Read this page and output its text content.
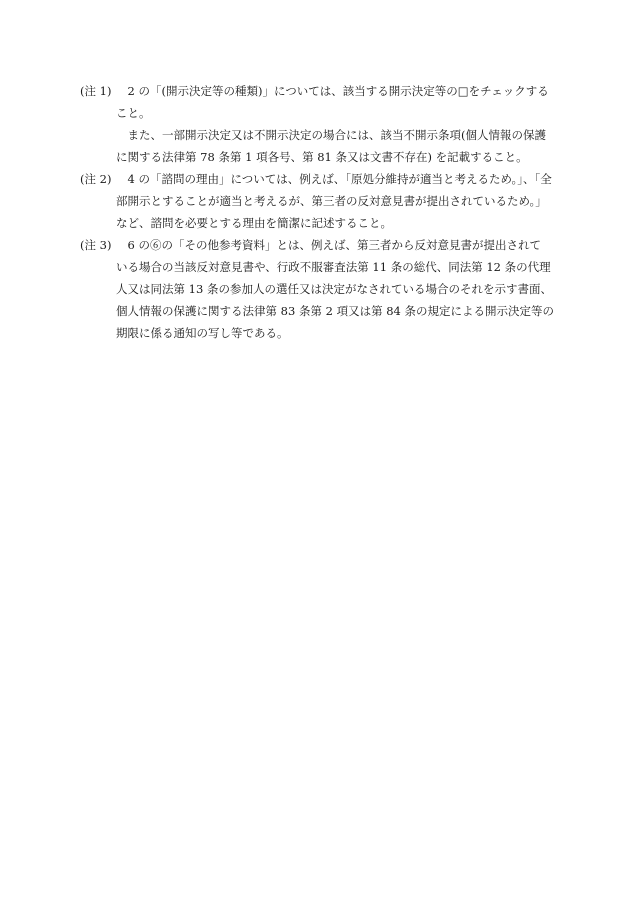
(注 1) 　2 の「(開示決定等の種類)」については、該当する開示決定等の□をチェックする
こと。
　また、一部開示決定又は不開示決定の場合には、該当不開示条項(個人情報の保護
に関する法律第 78 条第 1 項各号、第 81 条又は文書不存在) を記載すること。
(注 2) 　4 の「諮問の理由」については、例えば、「原処分維持が適当と考えるため。」、「全
部開示とすることが適当と考えるが、第三者の反対意見書が提出されているため。」
など、諮問を必要とする理由を簡潔に記述すること。
(注 3) 　6 の⑥の「その他参考資料」とは、例えば、第三者から反対意見書が提出されて
いる場合の当該反対意見書や、行政不服審査法第 11 条の総代、同法第 12 条の代理
人又は同法第 13 条の参加人の選任又は決定がなされている場合のそれを示す書面、
個人情報の保護に関する法律第 83 条第 2 項又は第 84 条の規定による開示決定等の
期限に係る通知の写し等である。
